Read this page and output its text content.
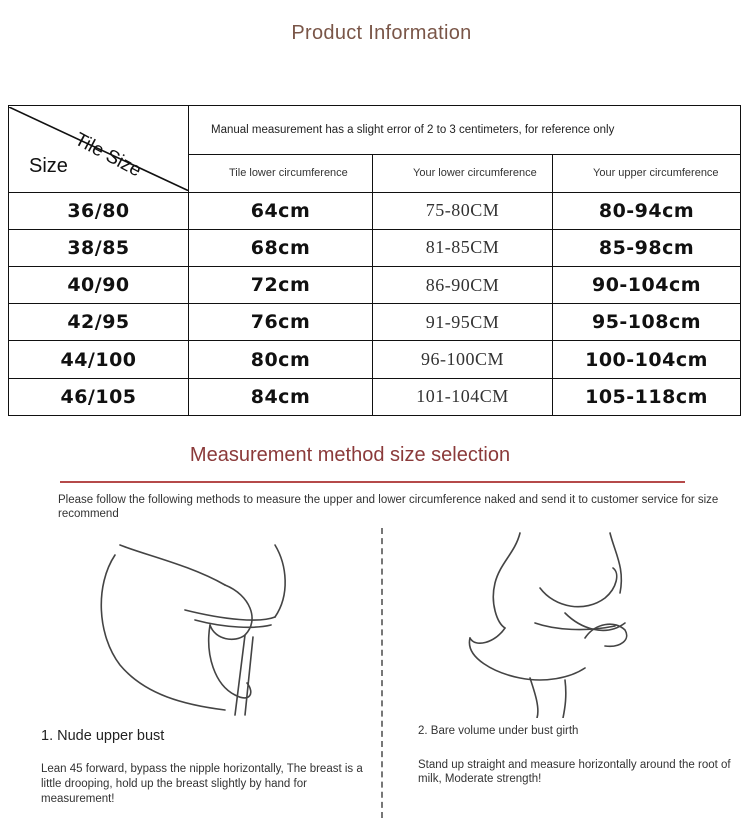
Product Information
Tile Size
Size	Manual measurement has a slight error of 2 to 3 centimeters, for reference only		
	Tile lower circumference	Your lower circumference	Your upper circumference
36/80	64cm	75-80CM	80-94cm
38/85	68cm	81-85CM	85-98cm
40/90	72cm	86-90CM	90-104cm
42/95	76cm	91-95CM	95-108cm
44/100	80cm	96-100CM	100-104cm
46/105	84cm	101-104CM	105-118cm
Measurement method size selection
Please follow the following methods to measure the upper and lower circumference naked and send it to customer service for size recommend
1. Nude upper bust
Lean 45 forward, bypass the nipple horizontally, The breast is a little drooping, hold up the breast slightly by hand for measurement!
2. Bare volume under bust girth
Stand up straight and measure horizontally around the root of milk, Moderate strength!
